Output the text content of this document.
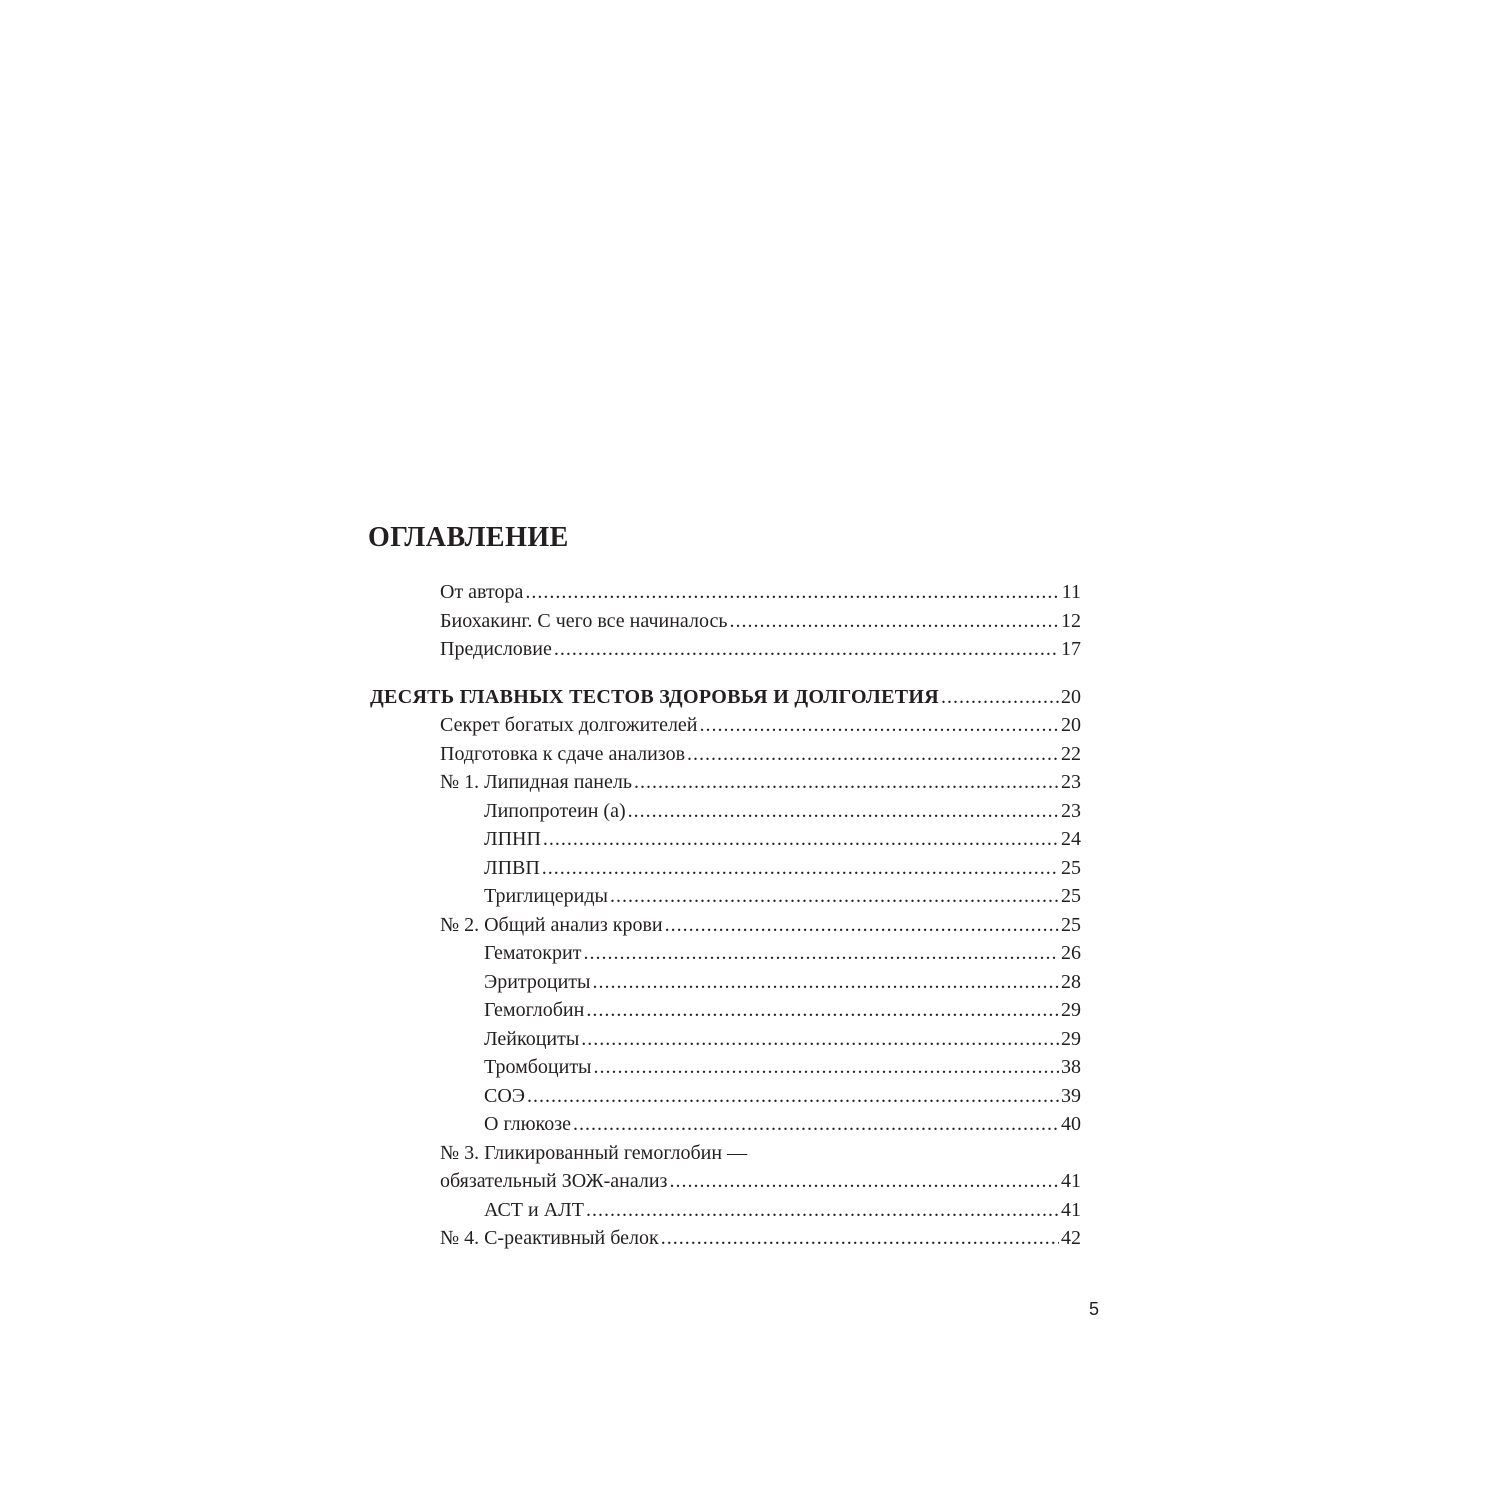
ОГЛАВЛЕНИЕ
От автора .....	11
Биохакинг. С чего все начиналось .....	12
Предисловие .....	17
ДЕСЯТЬ ГЛАВНЫХ ТЕСТОВ ЗДОРОВЬЯ И ДОЛГОЛЕТИЯ .....	20
Секрет богатых долгожителей .....	20
Подготовка к сдаче анализов .....	22
№ 1. Липидная панель .....	23
Липопротеин (а) .....	23
ЛПНП .....	24
ЛПВП .....	25
Триглицериды .....	25
№ 2. Общий анализ крови .....	25
Гематокрит .....	26
Эритроциты .....	28
Гемоглобин .....	29
Лейкоциты .....	29
Тромбоциты .....	38
СОЭ .....	39
О глюкозе .....	40
№ 3. Гликированный гемоглобин —
обязательный ЗОЖ-анализ .....	41
АСТ и АЛТ .....	41
№ 4. С-реактивный белок .....	42
5
